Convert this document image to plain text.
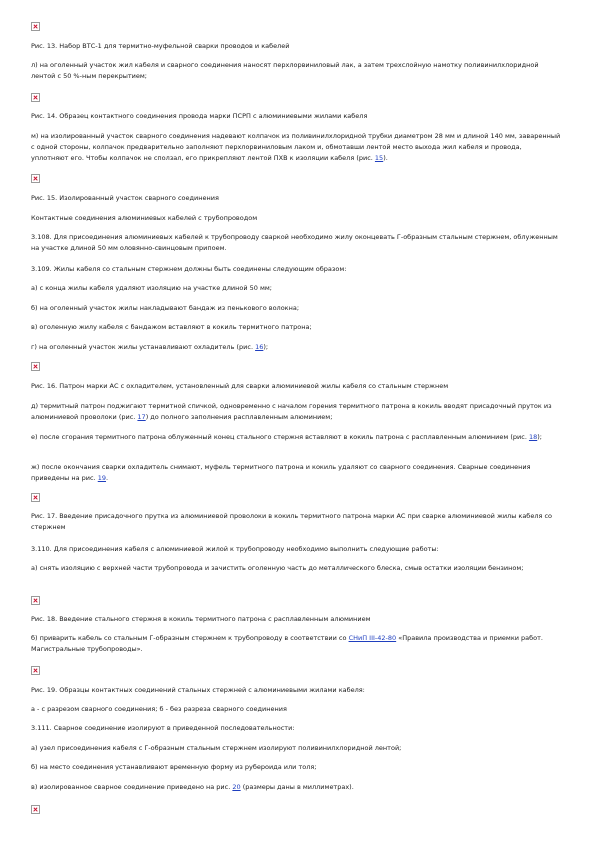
Рис. 13. Набор ВТС-1 для термитно-муфельной сварки проводов и кабелей
л) на оголенный участок жил кабеля и сварного соединения наносят перхлорвиниловый лак, а затем трехслойную намотку поливинилхлоридной лентой с 50 %-ным перекрытием;
Рис. 14. Образец контактного соединения провода марки ПСРП с алюминиевыми жилами кабеля
м) на изолированный участок сварного соединения надевают колпачок из поливинилхлоридной трубки диаметром 28 мм и длиной 140 мм, заваренный с одной стороны, колпачок предварительно заполняют перхлорвиниловым лаком и, обмотавши лентой место выхода жил кабеля и провода, уплотняют его. Чтобы колпачок не сползал, его прикрепляют лентой ПХВ к изоляции кабеля (рис. 15).
Рис. 15. Изолированный участок сварного соединения
Контактные соединения алюминиевых кабелей с трубопроводом
3.108. Для присоединения алюминиевых кабелей к трубопроводу сваркой необходимо жилу оконцевать Г-образным стальным стержнем, облуженным на участке длиной 50 мм оловянно-свинцовым припоем.
3.109. Жилы кабеля со стальным стержнем должны быть соединены следующим образом:
а) с конца жилы кабеля удаляют изоляцию на участке длиной 50 мм;
б) на оголенный участок жилы накладывают бандаж из пенькового волокна;
в) оголенную жилу кабеля с бандажом вставляют в кокиль термитного патрона;
г) на оголенный участок жилы устанавливают охладитель (рис. 16);
Рис. 16. Патрон марки АС с охладителем, установленный для сварки алюминиевой жилы кабеля со стальным стержнем
д) термитный патрон поджигают термитной спичкой, одновременно с началом горения термитного патрона в кокиль вводят присадочный пруток из алюминиевой проволоки (рис. 17) до полного заполнения расплавленным алюминием;
е) после сгорания термитного патрона облуженный конец стального стержня вставляют в кокиль патрона с расплавленным алюминием (рис. 18);
ж) после окончания сварки охладитель снимают, муфель термитного патрона и кокиль удаляют со сварного соединения. Сварные соединения приведены на рис. 19.
Рис. 17. Введение присадочного прутка из алюминиевой проволоки в кокиль термитного патрона марки АС при сварке алюминиевой жилы кабеля со стержнем
3.110. Для присоединения кабеля с алюминиевой жилой к трубопроводу необходимо выполнить следующие работы:
а) снять изоляцию с верхней части трубопровода и зачистить оголенную часть до металлического блеска, смыв остатки изоляции бензином;
Рис. 18. Введение стального стержня в кокиль термитного патрона с расплавленным алюминием
б) приварить кабель со стальным Г-образным стержнем к трубопроводу в соответствии со СНиП III-42-80 «Правила производства и приемки работ. Магистральные трубопроводы».
Рис. 19. Образцы контактных соединений стальных стержней с алюминиевыми жилами кабеля:
а - с разрезом сварного соединения; б - без разреза сварного соединения
3.111. Сварное соединение изолируют в приведенной последовательности:
а) узел присоединения кабеля с Г-образным стальным стержнем изолируют поливинилхлоридной лентой;
б) на место соединения устанавливают временную форму из рубероида или толя;
в) изолированное сварное соединение приведено на рис. 20 (размеры даны в миллиметрах).
